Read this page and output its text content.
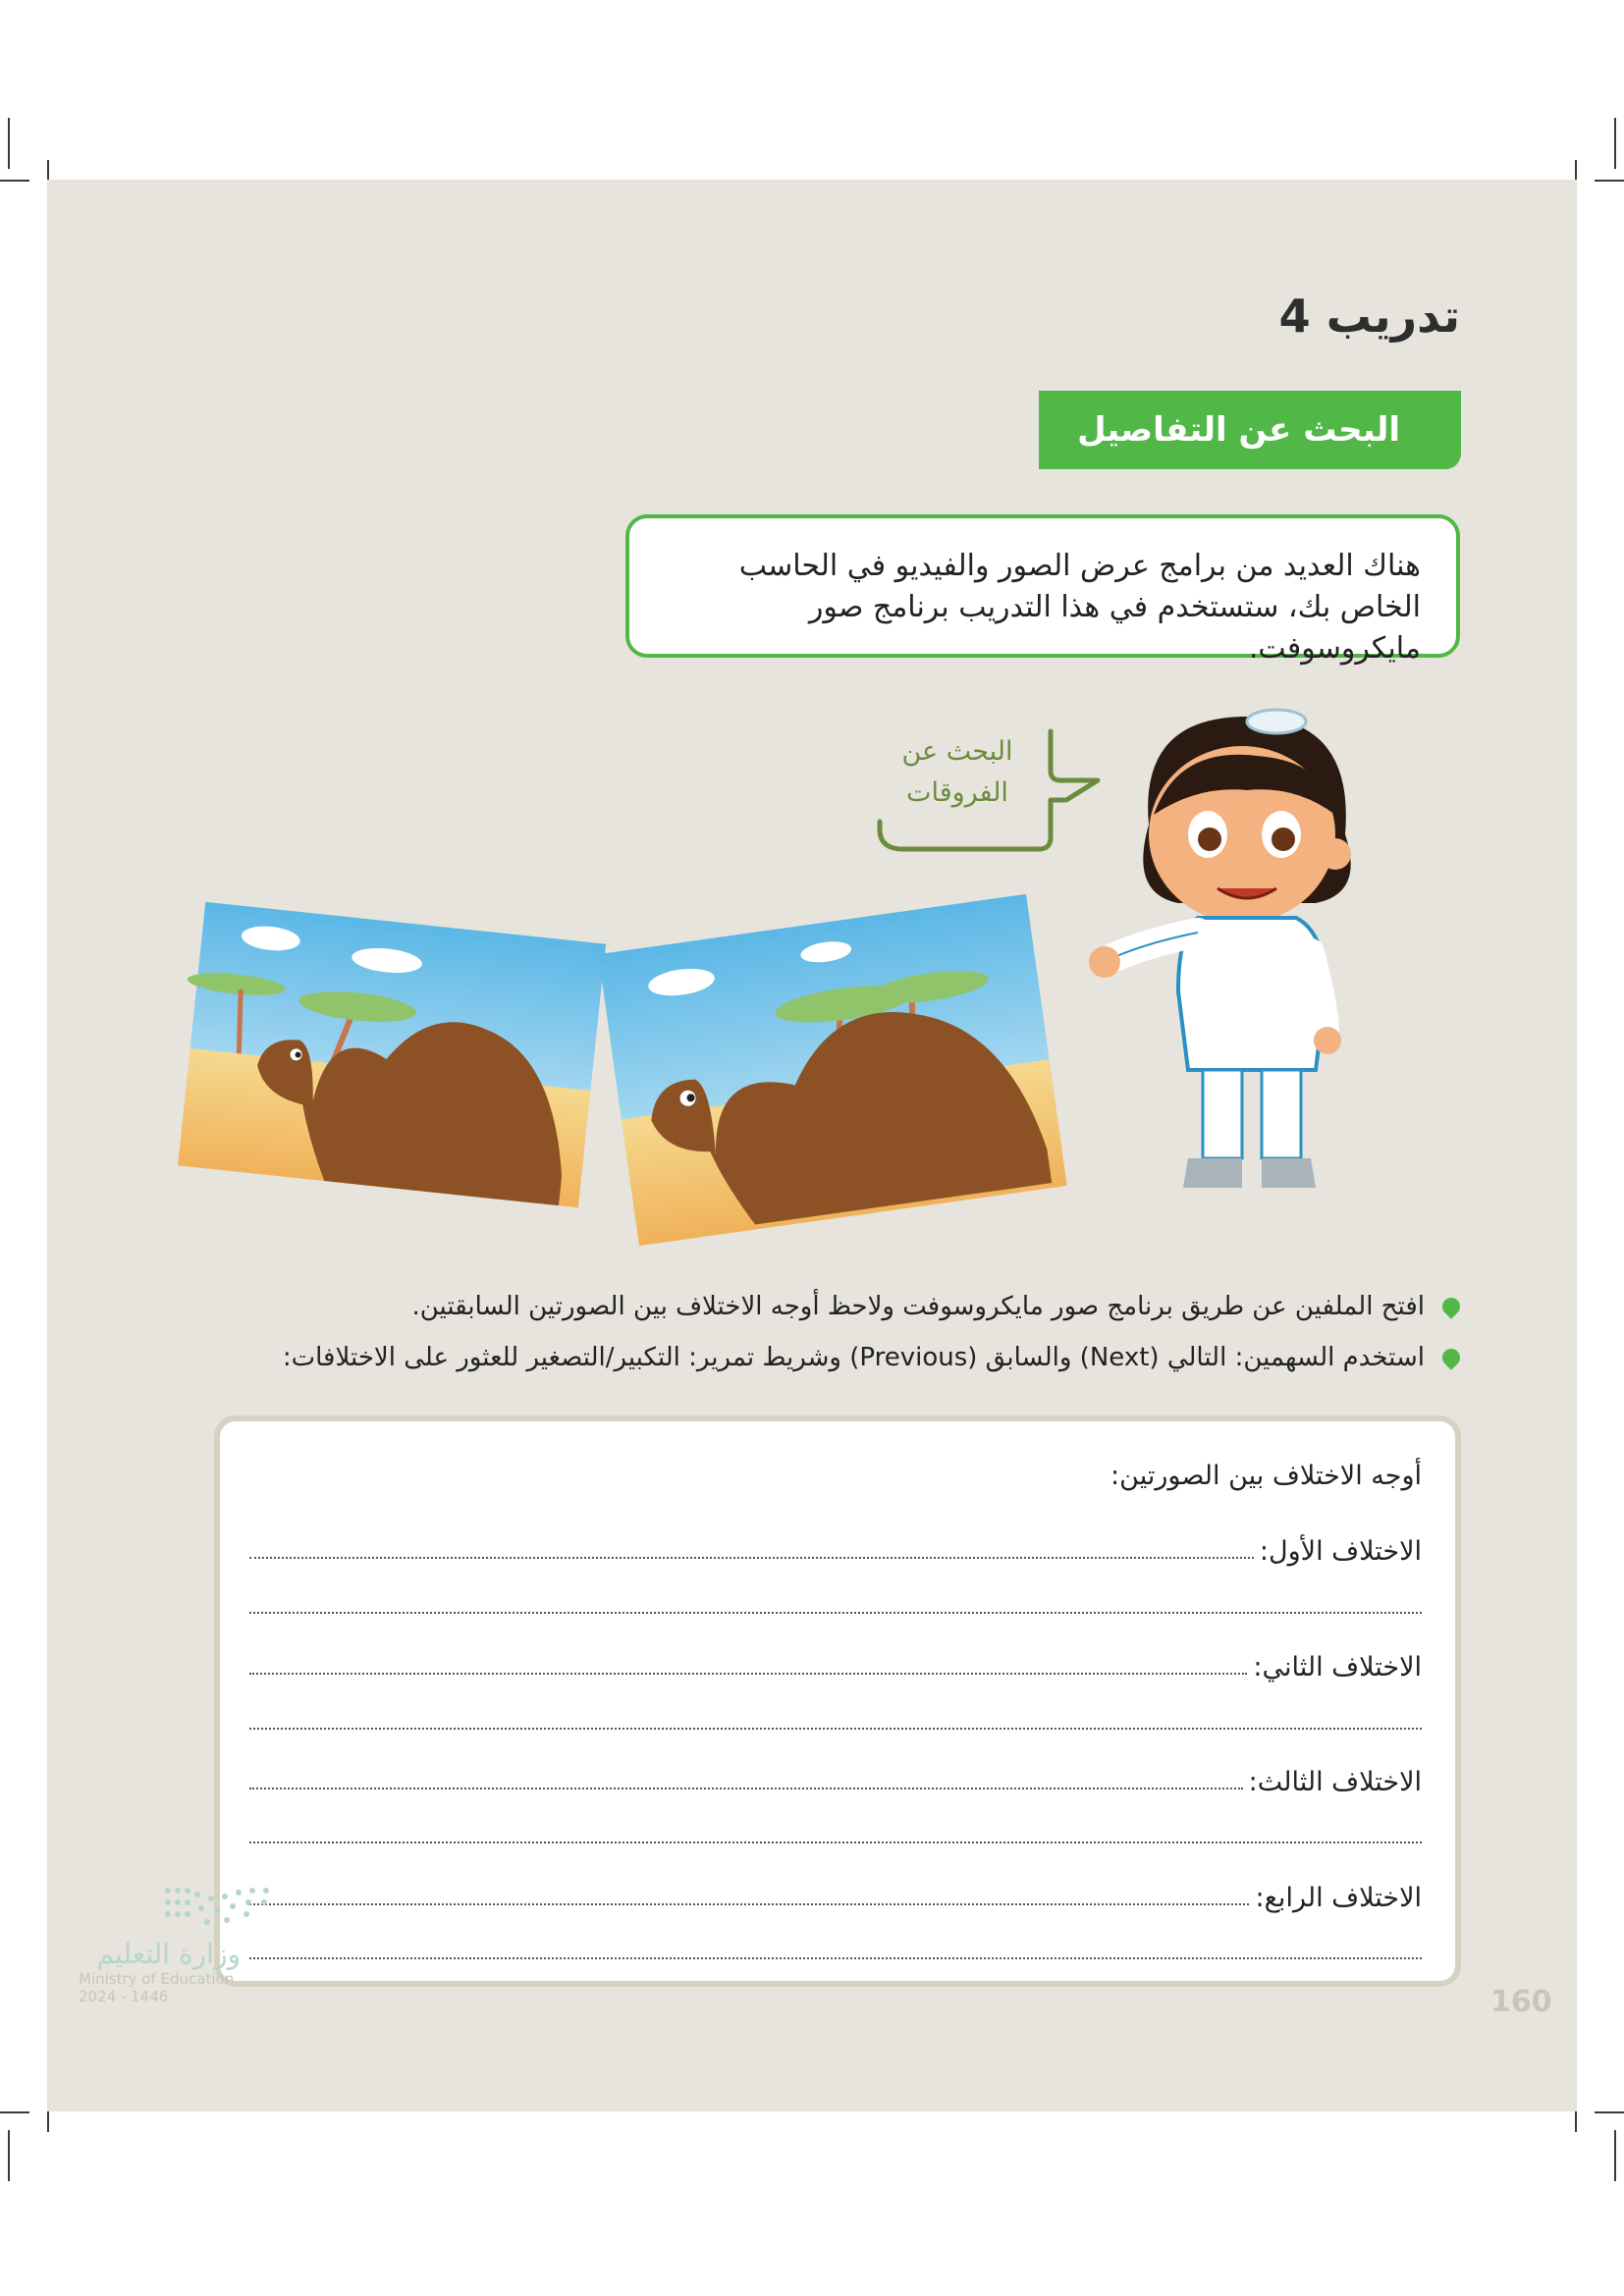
تدريب 4
البحث عن التفاصيل
هناك العديد من برامج عرض الصور والفيديو في الحاسب الخاص بك، ستستخدم في هذا التدريب برنامج صور مايكروسوفت.
البحث عن
الفروقات
افتح الملفين عن طريق برنامج صور مايكروسوفت ولاحظ أوجه الاختلاف بين الصورتين السابقتين.
استخدم السهمين: التالي (Next) والسابق (Previous) وشريط تمرير: التكبير/التصغير للعثور على الاختلافات:
أوجه الاختلاف بين الصورتين:
الاختلاف الأول:
الاختلاف الثاني:
الاختلاف الثالث:
الاختلاف الرابع:
وزارة التعليم
Ministry of Education
2024 - 1446	160
